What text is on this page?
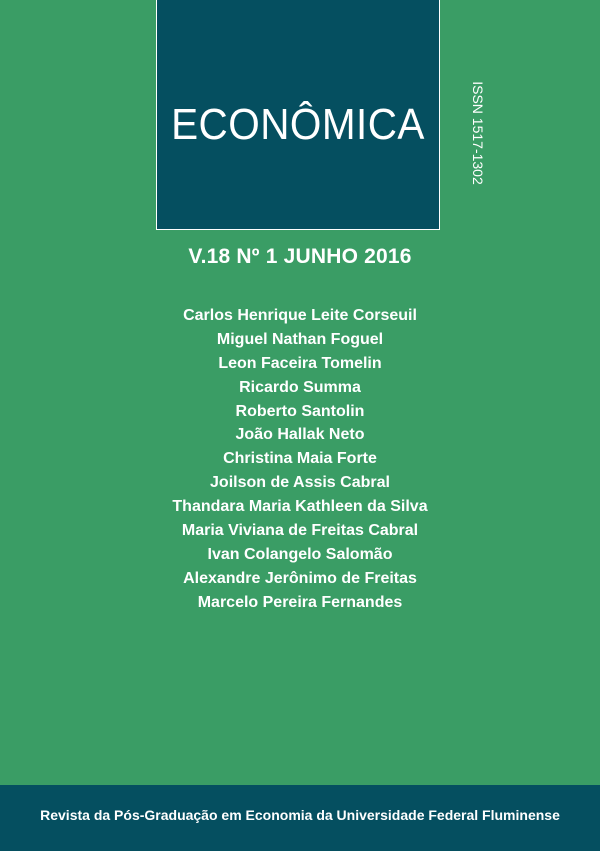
ECONÔMICA	ISSN 1517-1302
V.18 Nº 1 JUNHO 2016
Carlos Henrique Leite Corseuil
Miguel Nathan Foguel
Leon Faceira Tomelin
Ricardo Summa
Roberto Santolin
João Hallak Neto
Christina Maia Forte
Joilson de Assis Cabral
Thandara Maria Kathleen da Silva
Maria Viviana de Freitas Cabral
Ivan Colangelo Salomão
Alexandre Jerônimo de Freitas
Marcelo Pereira Fernandes
Revista da Pós-Graduação em Economia da Universidade Federal Fluminense
